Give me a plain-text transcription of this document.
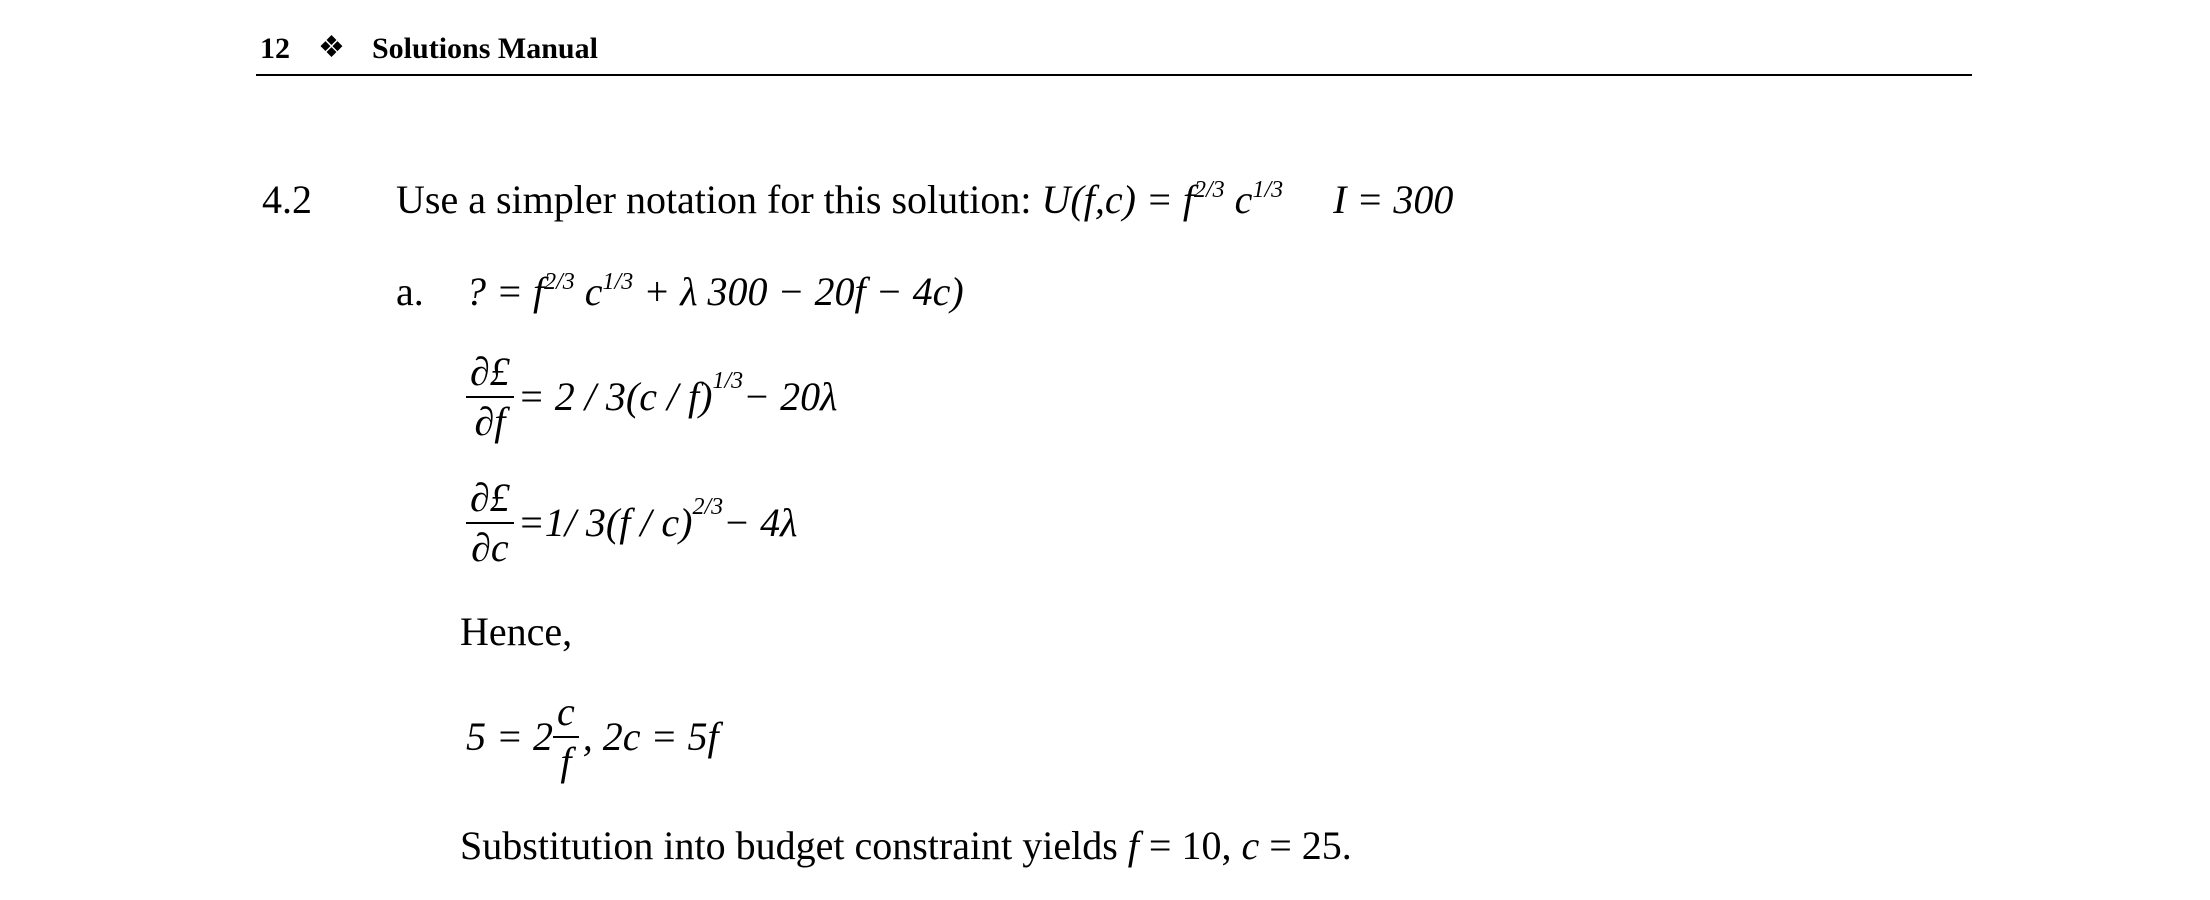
12 ❖ Solutions Manual
4.2 Use a simpler notation for this solution: $U(f,c) = f^{2/3}$ $c^{1/3}$ I = 300
a. ? = $f^{2/3}$ $c^{1/3} + \lambda$ 300 − 20f − 4c)
$\frac{\partial£}{\partial f} = 2 / 3(c / f) 1/3 - 20\lambda$
$\frac{\partial£}{\partial c} =1/$ 3(f / c) 2/3 − 4λ
Hence,
$5 = 2 \frac{c}{f}$ , 2c = 5f
Substitution into budget constraint yields f = 10, c = 25.
